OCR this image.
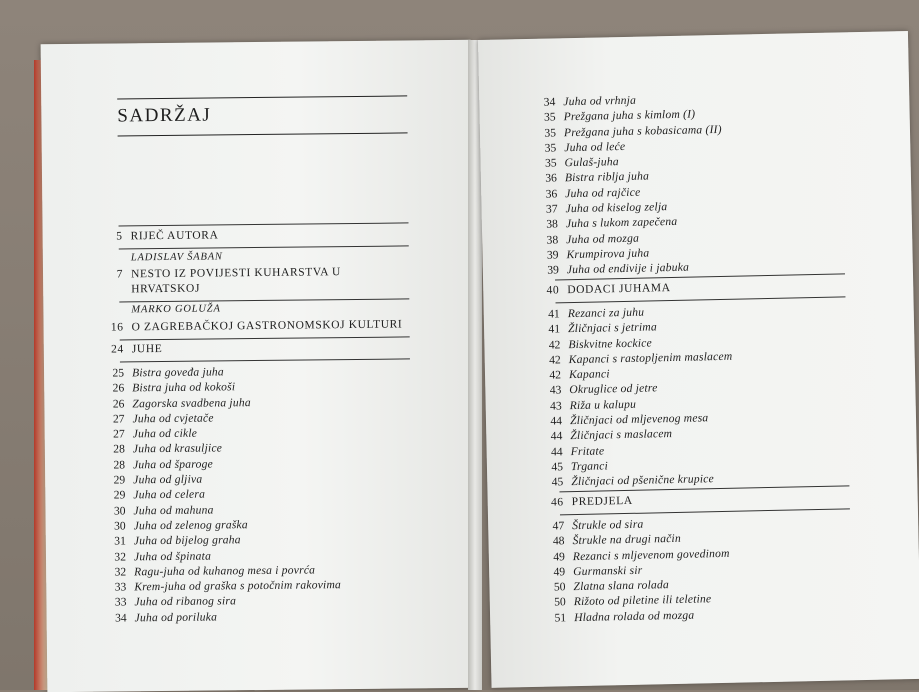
SADRŽAJ
5 RIJEČ AUTORA
LADISLAV ŠABAN
7 NESTO IZ POVIJESTI KUHARSTVA U
HRVATSKOJ
MARKO GOLUŽA
16 O ZAGREBAČKOJ GASTRONOMSKOJ KULTURI
24 JUHE
25 Bistra goveđa juha
26 Bistra juha od kokoši
26 Zagorska svadbena juha
27 Juha od cvjetače
27 Juha od cikle
28 Juha od krasuljice
28 Juha od šparoge
29 Juha od gljiva
29 Juha od celera
30 Juha od mahuna
30 Juha od zelenog graška
31 Juha od bijelog graha
32 Juha od špinata
32 Ragu-juha od kuhanog mesa i povrća
33 Krem-juha od graška s potočnim rakovima
33 Juha od ribanog sira
34 Juha od poriluka
34 Juha od vrhnja
35 Prežgana juha s kimlom (I)
35 Prežgana juha s kobasicama (II)
35 Juha od leće
35 Gulaš-juha
36 Bistra riblja juha
36 Juha od rajčice
37 Juha od kiselog zelja
38 Juha s lukom zapečena
38 Juha od mozga
39 Krumpirova juha
39 Juha od endivije i jabuka
40 DODACI JUHAMA
41 Rezanci za juhu
41 Žličnjaci s jetrima
42 Biskvitne kockice
42 Kapanci s rastopljenim maslacem
42 Kapanci
43 Okruglice od jetre
43 Riža u kalupu
44 Žličnjaci od mljevenog mesa
44 Žličnjaci s maslacem
44 Fritate
45 Trganci
45 Žličnjaci od pšenične krupice
46 PREDJELA
47 Štrukle od sira
48 Štrukle na drugi način
49 Rezanci s mljevenom govedinom
49 Gurmanski sir
50 Zlatna slana rolada
50 Rižoto od piletine ili teletine
51 Hladna rolada od mozga
